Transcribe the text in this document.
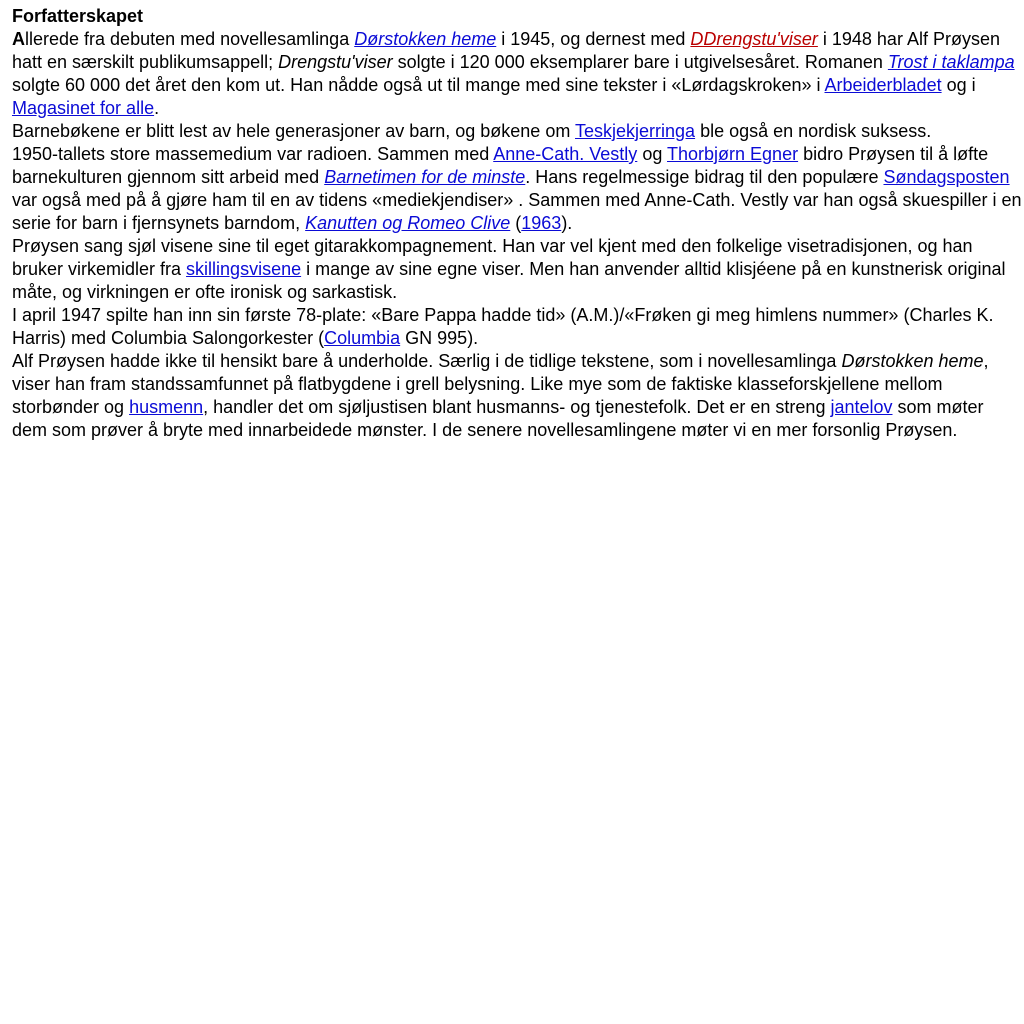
Forfatterskapet

Allerede fra debuten med novellesamlinga Dørstokken heme i 1945, og dernest med DDrengstu'viser i 1948 har Alf Prøysen hatt en særskilt publikumsappell; Drengstu'viser solgte i 120 000 eksemplarer bare i utgivelsesåret. Romanen Trost i taklampa solgte 60 000 det året den kom ut. Han nådde også ut til mange med sine tekster i «Lørdagskroken» i Arbeiderbladet og i Magasinet for alle.

Barnebøkene er blitt lest av hele generasjoner av barn, og bøkene om Teskjekjerringa ble også en nordisk suksess.

1950-tallets store massemedium var radioen. Sammen med Anne-Cath. Vestly og Thorbjørn Egner bidro Prøysen til å løfte barnekulturen gjennom sitt arbeid med Barnetimen for de minste. Hans regelmessige bidrag til den populære Søndagsposten var også med på å gjøre ham til en av tidens «mediekjendiser» . Sammen med Anne-Cath. Vestly var han også skuespiller i en serie for barn i fjernsynets barndom, Kanutten og Romeo Clive (1963).

Prøysen sang sjøl visene sine til eget gitarakkompagnement. Han var vel kjent med den folkelige visetradisjonen, og han bruker virkemidler fra skillingsvisene i mange av sine egne viser. Men han anvender alltid klisjéene på en kunstnerisk original måte, og virkningen er ofte ironisk og sarkastisk.

I april 1947 spilte han inn sin første 78-plate: «Bare Pappa hadde tid» (A.M.)/«Frøken gi meg himlens nummer» (Charles K. Harris) med Columbia Salongorkester (Columbia GN 995).

Alf Prøysen hadde ikke til hensikt bare å underholde. Særlig i de tidlige tekstene, som i novellesamlinga Dørstokken heme, viser han fram standssamfunnet på flatbygdene i grell belysning. Like mye som de faktiske klasseforskjellene mellom storbønder og husmenn, handler det om sjøljustisen blant husmanns- og tjenestefolk. Det er en streng jantelov som møter dem som prøver å bryte med innarbeidede mønster. I de senere novellesamlingene møter vi en mer forsonlig Prøysen.
